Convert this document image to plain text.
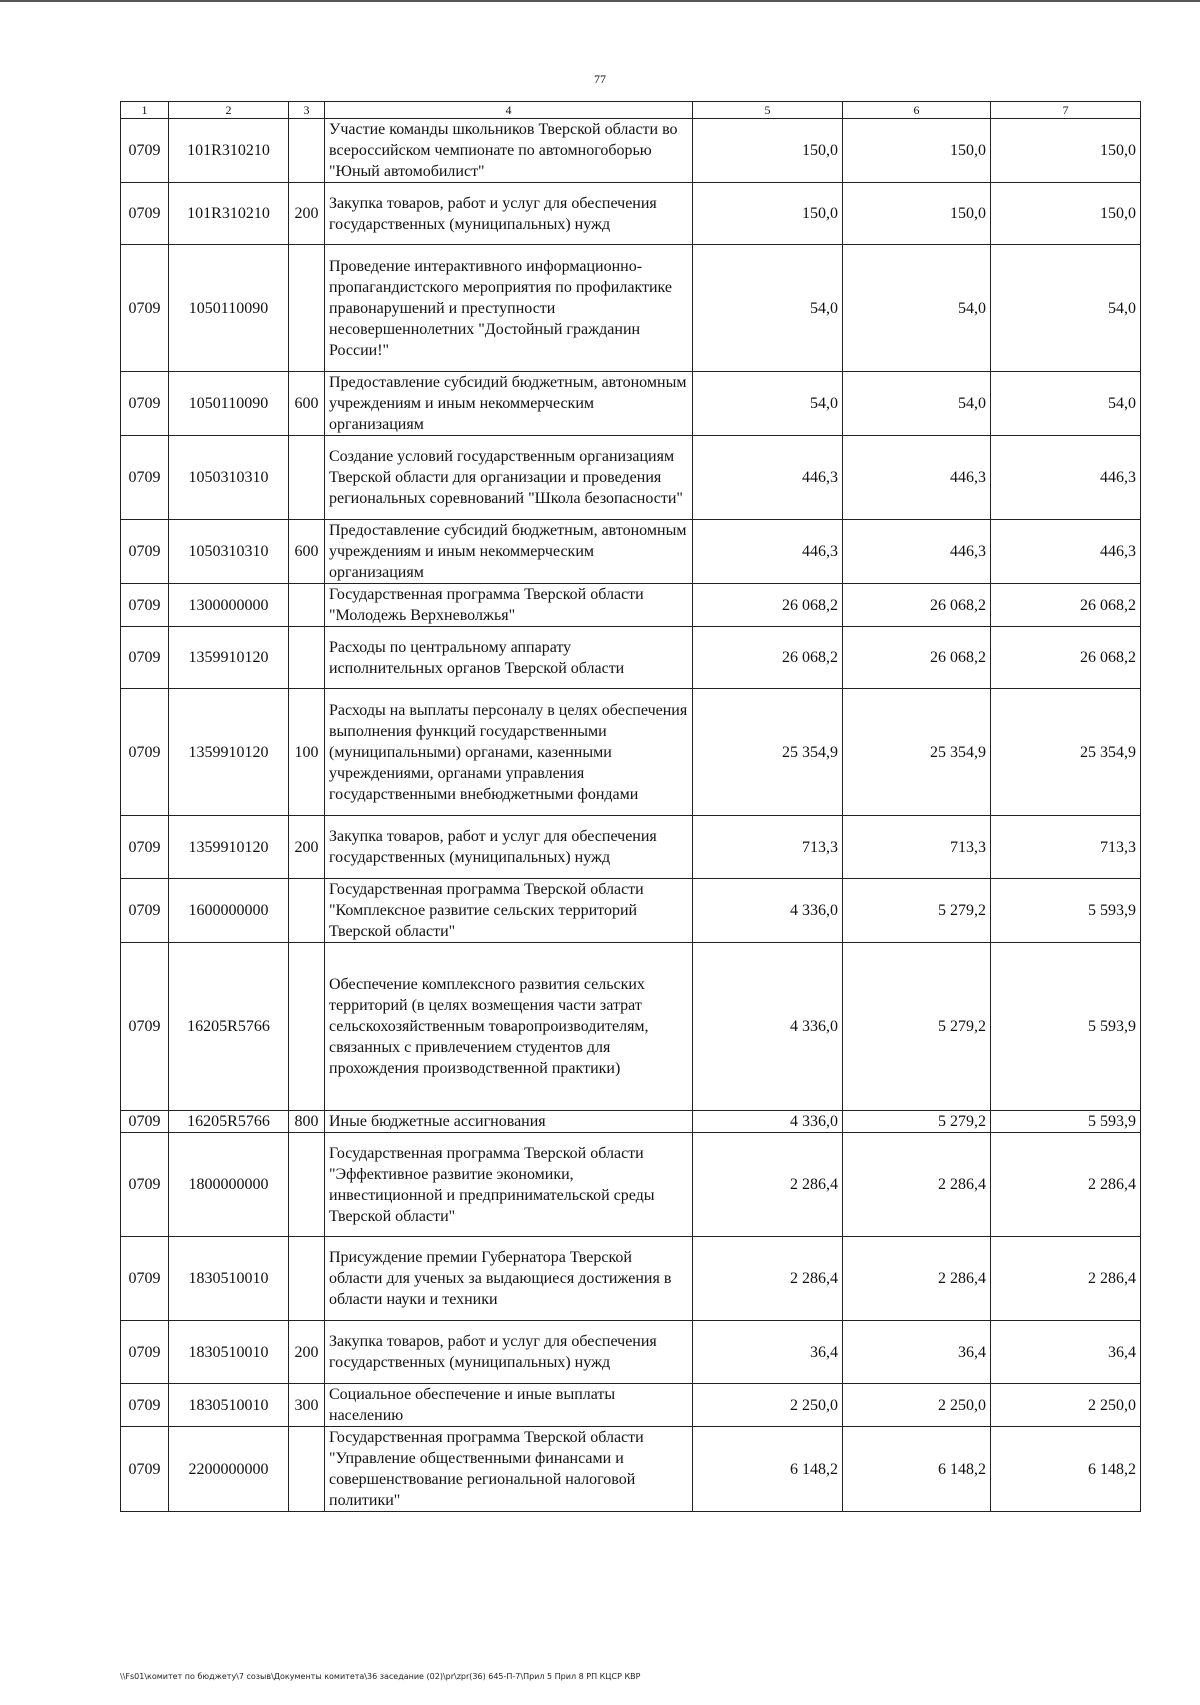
77
1	2	3	4	5	6	7
0709	101R310210		Участие команды школьников Тверской области во всероссийском чемпионате по автомногоборью "Юный автомобилист"	150,0	150,0	150,0
0709	101R310210	200	Закупка товаров, работ и услуг для обеспечения государственных (муниципальных) нужд	150,0	150,0	150,0
0709	1050110090		Проведение интерактивного информационно-пропагандистского мероприятия по профилактике правонарушений и преступности несовершеннолетних "Достойный гражданин России!"	54,0	54,0	54,0
0709	1050110090	600	Предоставление субсидий бюджетным, автономным учреждениям и иным некоммерческим организациям	54,0	54,0	54,0
0709	1050310310		Создание условий государственным организациям Тверской области для организации и проведения региональных соревнований "Школа безопасности"	446,3	446,3	446,3
0709	1050310310	600	Предоставление субсидий бюджетным, автономным учреждениям и иным некоммерческим организациям	446,3	446,3	446,3
0709	1300000000		Государственная программа Тверской области "Молодежь Верхневолжья"	26 068,2	26 068,2	26 068,2
0709	1359910120		Расходы по центральному аппарату исполнительных органов Тверской области	26 068,2	26 068,2	26 068,2
0709	1359910120	100	Расходы на выплаты персоналу в целях обеспечения выполнения функций государственными (муниципальными) органами, казенными учреждениями, органами управления государственными внебюджетными фондами	25 354,9	25 354,9	25 354,9
0709	1359910120	200	Закупка товаров, работ и услуг для обеспечения государственных (муниципальных) нужд	713,3	713,3	713,3
0709	1600000000		Государственная программа Тверской области "Комплексное развитие сельских территорий Тверской области"	4 336,0	5 279,2	5 593,9
0709	16205R5766		Обеспечение комплексного развития сельских территорий (в целях возмещения части затрат сельскохозяйственным товаропроизводителям, связанных с привлечением студентов для прохождения производственной практики)	4 336,0	5 279,2	5 593,9
0709	16205R5766	800	Иные бюджетные ассигнования	4 336,0	5 279,2	5 593,9
0709	1800000000		Государственная программа Тверской области "Эффективное развитие экономики, инвестиционной и предпринимательской среды Тверской области"	2 286,4	2 286,4	2 286,4
0709	1830510010		Присуждение премии Губернатора Тверской области для ученых за выдающиеся достижения в области науки и техники	2 286,4	2 286,4	2 286,4
0709	1830510010	200	Закупка товаров, работ и услуг для обеспечения государственных (муниципальных) нужд	36,4	36,4	36,4
0709	1830510010	300	Социальное обеспечение и иные выплаты населению	2 250,0	2 250,0	2 250,0
0709	2200000000		Государственная программа Тверской области "Управление общественными финансами и совершенствование региональной налоговой политики"	6 148,2	6 148,2	6 148,2
\\Fs01\комитет по бюджету\7 созыв\Документы комитета\36 заседание (02)\pr\zpr(36) 645-П-7\Прил 5 Прил 8 РП КЦСР КВР
